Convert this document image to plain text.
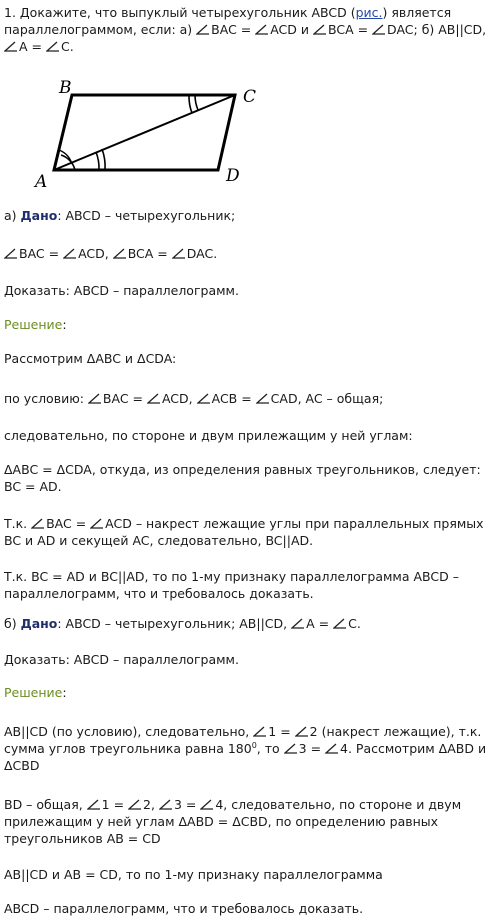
1. Докажите, что выпуклый четырехугольник ABCD (рис.) является параллелограммом, если: а)
BAC =
ACD и
BCA =
DAC; б) AB||CD,
A =
C.

B	C
A	D

а) Дано: ABCD – четырехугольник;

BAC =
ACD,
BCA =
DAC.

Доказать: ABCD – параллелограмм.

Решение:

Рассмотрим ΔABC и ΔCDA:

по условию:
BAC =
ACD,
ACB =
CAD, AC – общая;

следовательно, по стороне и двум прилежащим у ней углам:

ΔABC = ΔCDA, откуда, из определения равных треугольников, следует: BC = AD.

Т.к.
BAC =
ACD – накрест лежащие углы при параллельных прямых BC и AD и секущей AC, следовательно, BC||AD.

Т.к. BC = AD и BC||AD, то по 1-му признаку параллелограмма ABCD – параллелограмм, что и требовалось доказать.

б) Дано: ABCD – четырехугольник; AB||CD,
A =
C.

Доказать: ABCD – параллелограмм.

Решение:

AB||CD (по условию), следовательно,
1 =
2 (накрест лежащие), т.к. сумма углов треугольника равна $180^0$, то
3 =
4. Рассмотрим ΔABD и ΔCBD

BD – общая,
1 =
2,
3 =
4, следовательно, по стороне и двум прилежащим у ней углам ΔABD = ΔCBD, по определению равных треугольников AB = CD

AB||CD и AB = CD, то по 1-му признаку параллелограмма

ABCD – параллелограмм, что и требовалось доказать.
